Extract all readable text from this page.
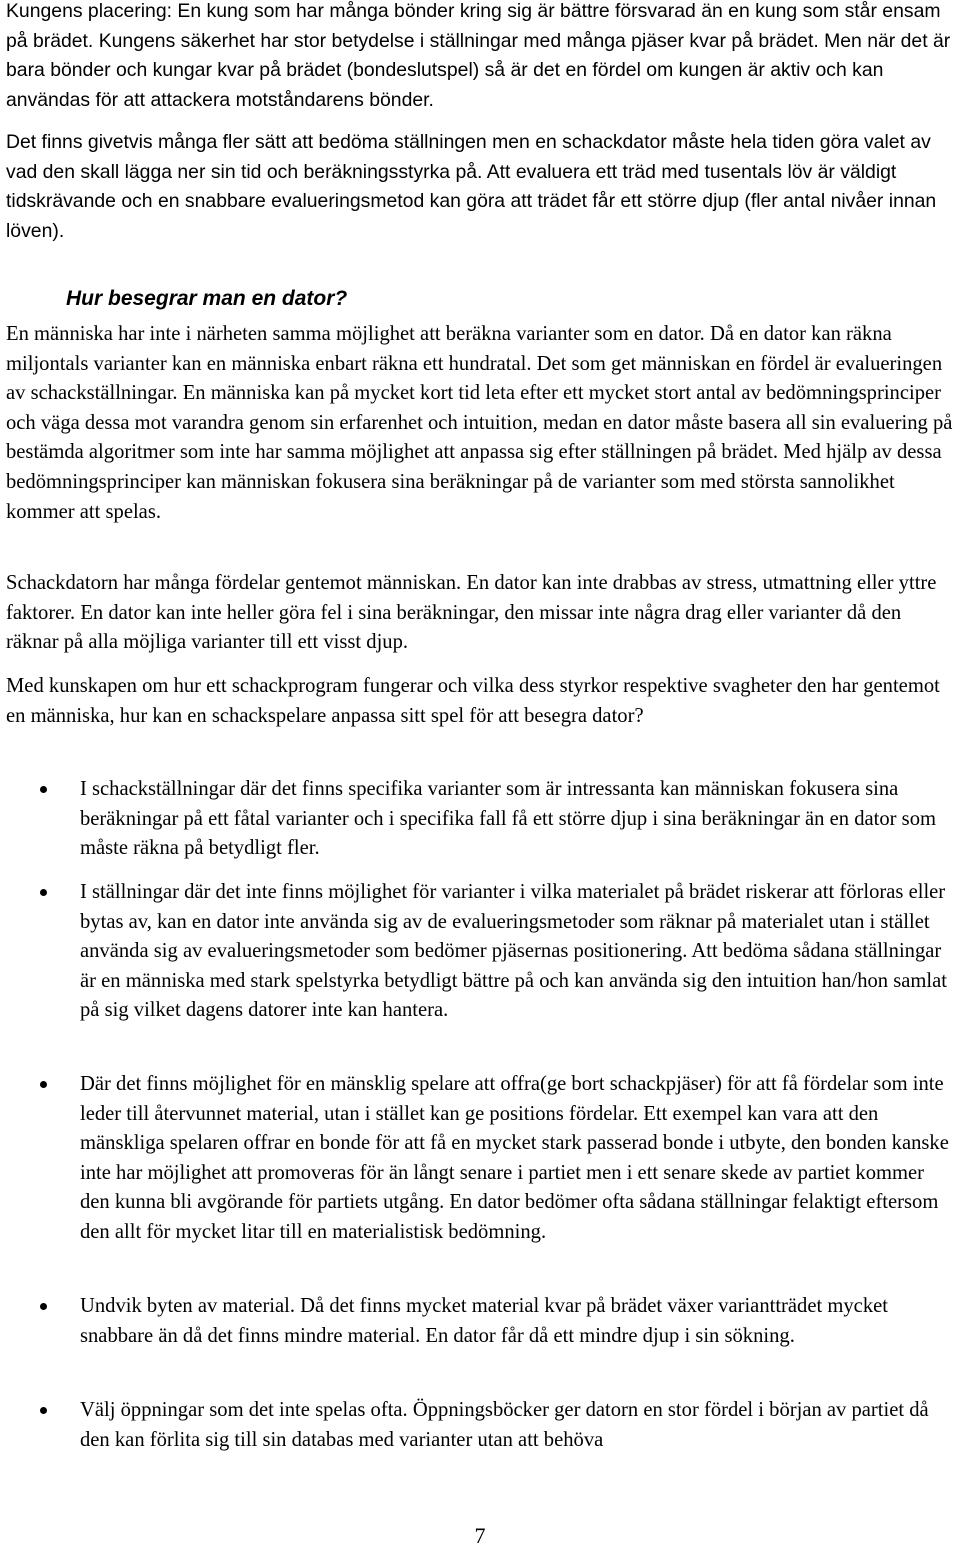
Kungens placering: En kung som har många bönder kring sig är bättre försvarad än en kung som står ensam på brädet. Kungens säkerhet har stor betydelse i ställningar med många pjäser kvar på brädet. Men när det är bara bönder och kungar kvar på brädet (bondeslutspel) så är det en fördel om kungen är aktiv och kan användas för att attackera motståndarens bönder.

Det finns givetvis många fler sätt att bedöma ställningen men en schackdator måste hela tiden göra valet av vad den skall lägga ner sin tid och beräkningsstyrka på. Att evaluera ett träd med tusentals löv är väldigt tidskrävande och en snabbare evalueringsmetod kan göra att trädet får ett större djup (fler antal nivåer innan löven).

Hur besegrar man en dator?

En människa har inte i närheten samma möjlighet att beräkna varianter som en dator. Då en dator kan räkna miljontals varianter kan en människa enbart räkna ett hundratal. Det som get människan en fördel är evalueringen av schackställningar. En människa kan på mycket kort tid leta efter ett mycket stort antal av bedömningsprinciper och väga dessa mot varandra genom sin erfarenhet och intuition, medan en dator måste basera all sin evaluering på bestämda algoritmer som inte har samma möjlighet att anpassa sig efter ställningen på brädet. Med hjälp av dessa bedömningsprinciper kan människan fokusera sina beräkningar på de varianter som med största sannolikhet kommer att spelas.

Schackdatorn har många fördelar gentemot människan. En dator kan inte drabbas av stress, utmattning eller yttre faktorer. En dator kan inte heller göra fel i sina beräkningar, den missar inte några drag eller varianter då den räknar på alla möjliga varianter till ett visst djup.

Med kunskapen om hur ett schackprogram fungerar och vilka dess styrkor respektive svagheter den har gentemot en människa, hur kan en schackspelare anpassa sitt spel för att besegra dator?

I schackställningar där det finns specifika varianter som är intressanta kan människan fokusera sina beräkningar på ett fåtal varianter och i specifika fall få ett större djup i sina beräkningar än en dator som måste räkna på betydligt fler.

I ställningar där det inte finns möjlighet för varianter i vilka materialet på brädet riskerar att förloras eller bytas av, kan en dator inte använda sig av de evalueringsmetoder som räknar på materialet utan i stället använda sig av evalueringsmetoder som bedömer pjäsernas positionering. Att bedöma sådana ställningar är en människa med stark spelstyrka betydligt bättre på och kan använda sig den intuition han/hon samlat på sig vilket dagens datorer inte kan hantera.

Där det finns möjlighet för en mänsklig spelare att offra(ge bort schackpjäser) för att få fördelar som inte leder till återvunnet material, utan i stället kan ge positions fördelar. Ett exempel kan vara att den mänskliga spelaren offrar en bonde för att få en mycket stark passerad bonde i utbyte, den bonden kanske inte har möjlighet att promoveras för än långt senare i partiet men i ett senare skede av partiet kommer den kunna bli avgörande för partiets utgång. En dator bedömer ofta sådana ställningar felaktigt eftersom den allt för mycket litar till en materialistisk bedömning.

Undvik byten av material. Då det finns mycket material kvar på brädet växer variantträdet mycket snabbare än då det finns mindre material. En dator får då ett mindre djup i sin sökning.

Välj öppningar som det inte spelas ofta. Öppningsböcker ger datorn en stor fördel i början av partiet då den kan förlita sig till sin databas med varianter utan att behöva

7
